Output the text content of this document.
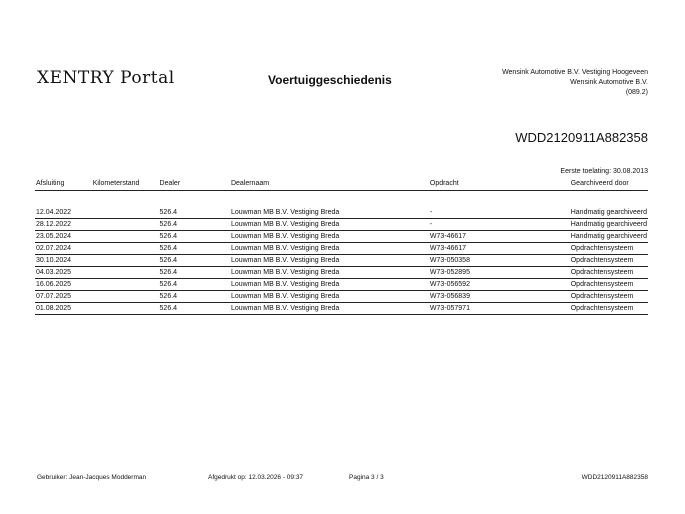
XENTRY Portal	Voertuiggeschiedenis
Wensink Automotive B.V. Vestiging Hoogeveen
Wensink Automotive B.V.
(089.2)
WDD2120911A882358
Eerste toelating: 30.08.2013
Afsluiting	Kilometerstand	Dealer	Dealernaam	Opdracht	Gearchiveerd door

12.04.2022		526.4	Louwman MB B.V. Vestiging Breda	-	Handmatig gearchiveerd
28.12.2022		526.4	Louwman MB B.V. Vestiging Breda	-	Handmatig gearchiveerd
23.05.2024		526.4	Louwman MB B.V. Vestiging Breda	W73-46617	Handmatig gearchiveerd
02.07.2024		526.4	Louwman MB B.V. Vestiging Breda	W73-46617	Opdrachtensysteem
30.10.2024		526.4	Louwman MB B.V. Vestiging Breda	W73-050358	Opdrachtensysteem
04.03.2025		526.4	Louwman MB B.V. Vestiging Breda	W73-052895	Opdrachtensysteem
16.06.2025		526.4	Louwman MB B.V. Vestiging Breda	W73-056592	Opdrachtensysteem
07.07.2025		526.4	Louwman MB B.V. Vestiging Breda	W73-056839	Opdrachtensysteem
01.08.2025		526.4	Louwman MB B.V. Vestiging Breda	W73-057971	Opdrachtensysteem
Gebruiker: Jean-Jacques Modderman	Afgedrukt op: 12.03.2026 - 09:37	Pagina 3 / 3	WDD2120911A882358
